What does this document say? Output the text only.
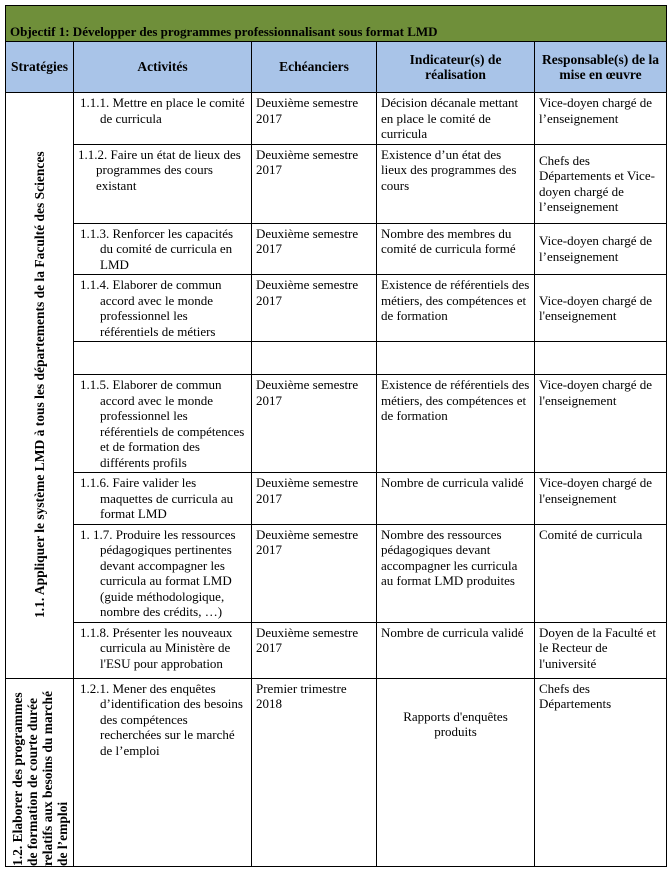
Objectif 1: Développer des programmes professionnalisant sous format LMD				
Stratégies	Activités	Echéanciers	Indicateur(s) de réalisation	Responsable(s) de la mise en œuvre

1.1. Appliquer le système LMD à tous les départements de la Faculté des Sciences	1.1.1. Mettre en place le comité de curricula	Deuxième semestre 2017	Décision décanale mettant en place le comité de curricula	Vice-doyen chargé de l’enseignement
	1.1.2. Faire un état de lieux des programmes des cours existant	Deuxième semestre 2017	Existence d’un état des lieux des programmes des cours	Chefs des Départements et Vice-doyen chargé de l’enseignement
	1.1.3. Renforcer les capacités du comité de curricula en LMD	Deuxième semestre 2017	Nombre des membres du comité de curricula formé	Vice-doyen chargé de l’enseignement
	1.1.4. Elaborer de commun accord avec le monde professionnel les référentiels de métiers	Deuxième semestre 2017	Existence de référentiels des métiers, des compétences et de formation	Vice-doyen chargé de l'enseignement

	1.1.5. Elaborer de commun accord avec le monde professionnel les référentiels de compétences et de formation des différents profils	Deuxième semestre 2017	Existence de référentiels des métiers, des compétences et de formation	Vice-doyen chargé de l'enseignement
	1.1.6. Faire valider les maquettes de curricula au format LMD	Deuxième semestre 2017	Nombre de curricula validé	Vice-doyen chargé de l'enseignement
	1. 1.7. Produire les ressources pédagogiques pertinentes devant accompagner les curricula au format LMD (guide méthodologique, nombre des crédits, …)	Deuxième semestre 2017	Nombre des ressources pédagogiques devant accompagner les curricula au format LMD produites	Comité de curricula
	1.1.8. Présenter les nouveaux curricula au Ministère de l'ESU pour approbation	Deuxième semestre 2017	Nombre de curricula validé	Doyen de la Faculté et le Recteur de l'université

1.2. Elaborer des programmes de formation de courte durée relatifs aux besoins du marché de l’emploi	1.2.1. Mener des enquêtes d’identification des besoins des compétences recherchées sur le marché de l’emploi	Premier trimestre 2018	Rapports d'enquêtes produits	Chefs des Départements
